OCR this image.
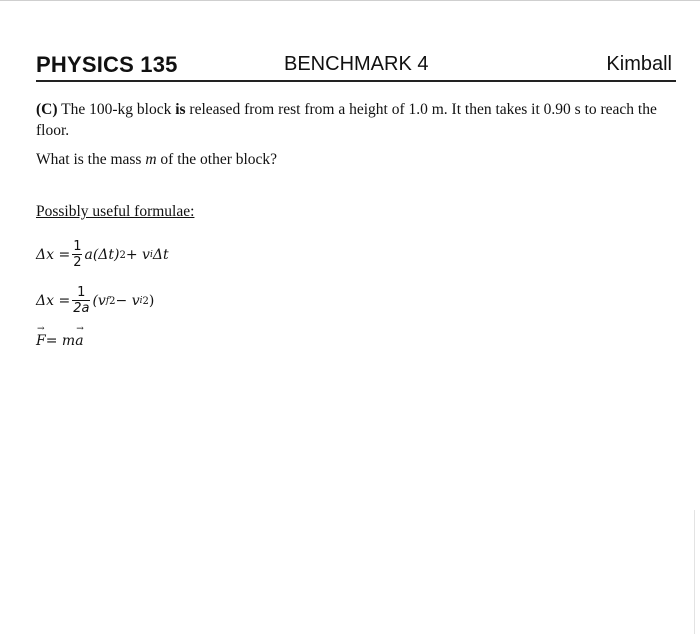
PHYSICS 135	BENCHMARK 4	Kimball
(C) The 100-kg block is released from rest from a height of 1.0 m. It then takes it 0.90 s to reach the floor.
What is the mass m of the other block?
Possibly useful formulae:
$\Delta x = \frac{1}{2} a(\Delta t) 2 + v$ i Δt
$\Delta x = \frac{1}{2a} (v$ f 2 − v i 2 )
F → = m a →
